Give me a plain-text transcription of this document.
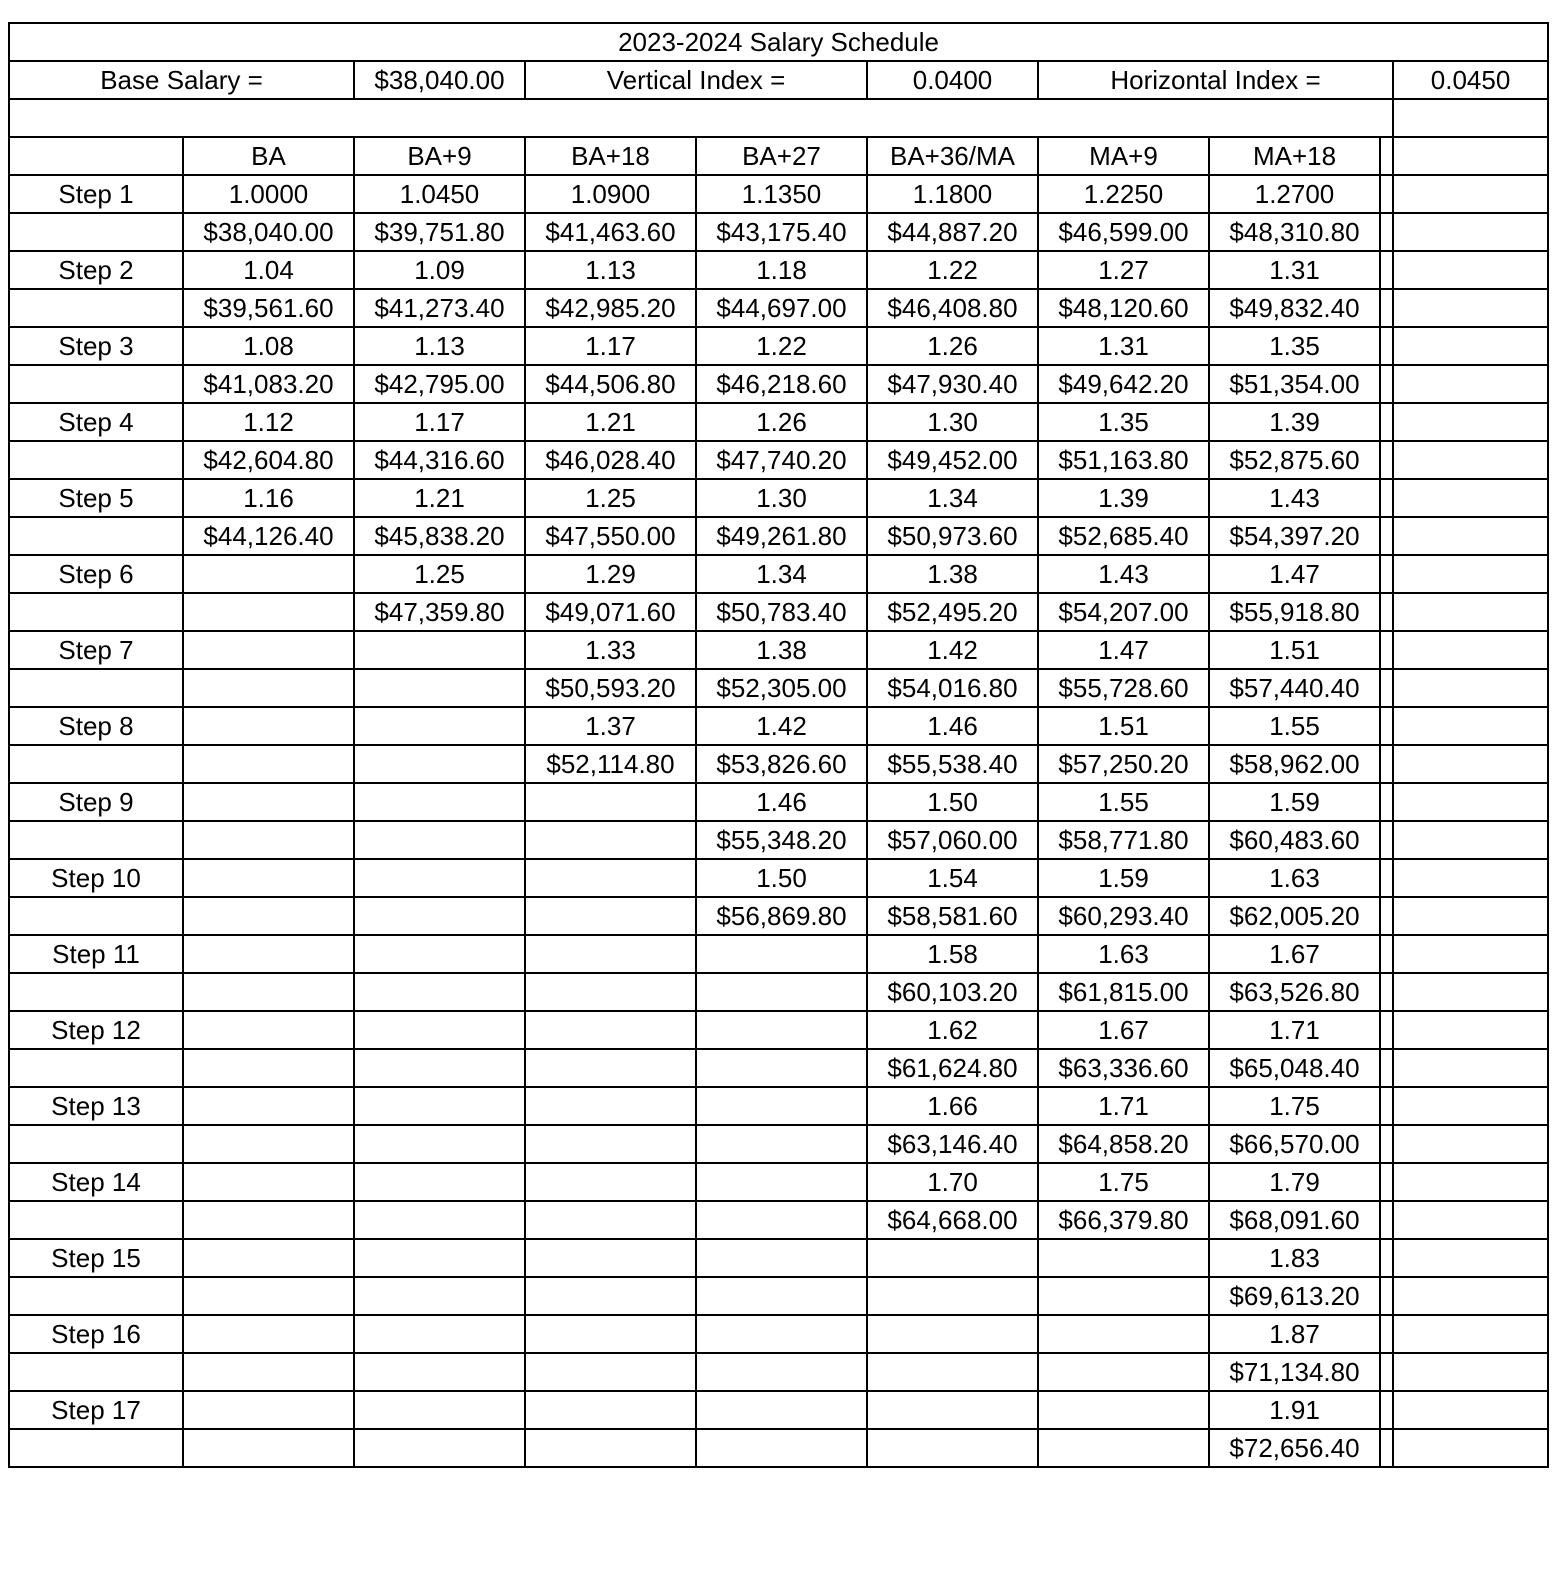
2023-2024 Salary Schedule									
Base Salary =		$38,040.00	Vertical Index =		0.0400	Horizontal Index =			0.0450

	BA	BA+9	BA+18	BA+27	BA+36/MA	MA+9	MA+18		
Step 1	1.0000	1.0450	1.0900	1.1350	1.1800	1.2250	1.2700		
	$38,040.00	$39,751.80	$41,463.60	$43,175.40	$44,887.20	$46,599.00	$48,310.80		
Step 2	1.04	1.09	1.13	1.18	1.22	1.27	1.31		
	$39,561.60	$41,273.40	$42,985.20	$44,697.00	$46,408.80	$48,120.60	$49,832.40		
Step 3	1.08	1.13	1.17	1.22	1.26	1.31	1.35		
	$41,083.20	$42,795.00	$44,506.80	$46,218.60	$47,930.40	$49,642.20	$51,354.00		
Step 4	1.12	1.17	1.21	1.26	1.30	1.35	1.39		
	$42,604.80	$44,316.60	$46,028.40	$47,740.20	$49,452.00	$51,163.80	$52,875.60		
Step 5	1.16	1.21	1.25	1.30	1.34	1.39	1.43		
	$44,126.40	$45,838.20	$47,550.00	$49,261.80	$50,973.60	$52,685.40	$54,397.20		
Step 6		1.25	1.29	1.34	1.38	1.43	1.47		
		$47,359.80	$49,071.60	$50,783.40	$52,495.20	$54,207.00	$55,918.80		
Step 7			1.33	1.38	1.42	1.47	1.51		
			$50,593.20	$52,305.00	$54,016.80	$55,728.60	$57,440.40		
Step 8			1.37	1.42	1.46	1.51	1.55		
			$52,114.80	$53,826.60	$55,538.40	$57,250.20	$58,962.00		
Step 9				1.46	1.50	1.55	1.59		
				$55,348.20	$57,060.00	$58,771.80	$60,483.60		
Step 10				1.50	1.54	1.59	1.63		
				$56,869.80	$58,581.60	$60,293.40	$62,005.20		
Step 11					1.58	1.63	1.67		
					$60,103.20	$61,815.00	$63,526.80		
Step 12					1.62	1.67	1.71		
					$61,624.80	$63,336.60	$65,048.40		
Step 13					1.66	1.71	1.75		
					$63,146.40	$64,858.20	$66,570.00		
Step 14					1.70	1.75	1.79		
					$64,668.00	$66,379.80	$68,091.60		
Step 15							1.83		
							$69,613.20		
Step 16							1.87		
							$71,134.80		
Step 17							1.91		
							$72,656.40		
